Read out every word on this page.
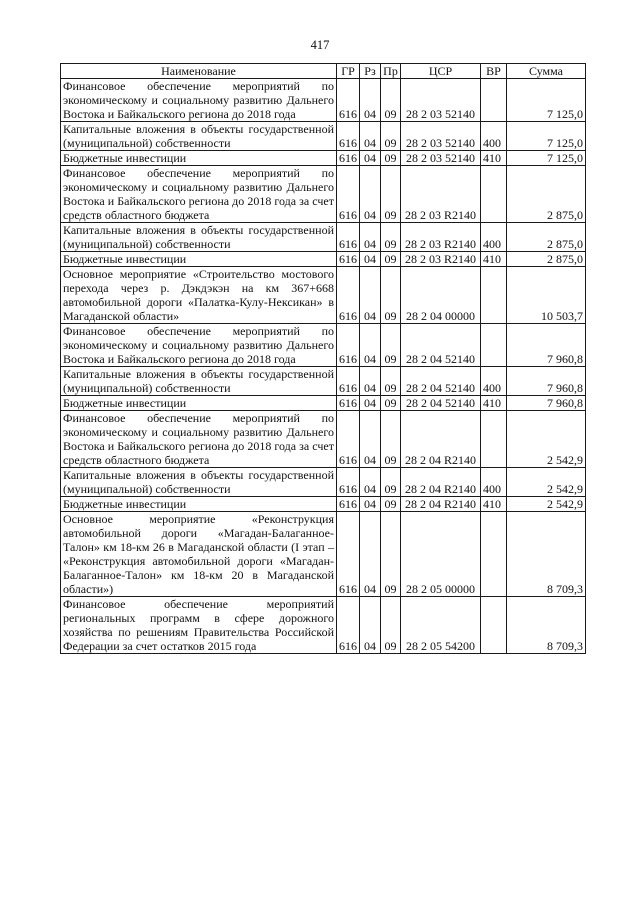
417
Наименование	ГР	Рз	Пр	ЦСР	ВР	Сумма
Финансовое обеспечение мероприятий по экономическому и социальному развитию Дальнего Востока и Байкальского региона до 2018 года	616	04	09	28 2 03 52140		7 125,0
Капитальные вложения в объекты государственной (муниципальной) собственности	616	04	09	28 2 03 52140	400	7 125,0
Бюджетные инвестиции	616	04	09	28 2 03 52140	410	7 125,0
Финансовое обеспечение мероприятий по экономическому и социальному развитию Дальнего Востока и Байкальского региона до 2018 года за счет средств областного бюджета	616	04	09	28 2 03 R2140		2 875,0
Капитальные вложения в объекты государственной (муниципальной) собственности	616	04	09	28 2 03 R2140	400	2 875,0
Бюджетные инвестиции	616	04	09	28 2 03 R2140	410	2 875,0
Основное мероприятие «Строительство мостового перехода через р. Дэкдэкэн на км 367+668 автомобильной дороги «Палатка-Кулу-Нексикан» в Магаданской области»	616	04	09	28 2 04 00000		10 503,7
Финансовое обеспечение мероприятий по экономическому и социальному развитию Дальнего Востока и Байкальского региона до 2018 года	616	04	09	28 2 04 52140		7 960,8
Капитальные вложения в объекты государственной (муниципальной) собственности	616	04	09	28 2 04 52140	400	7 960,8
Бюджетные инвестиции	616	04	09	28 2 04 52140	410	7 960,8
Финансовое обеспечение мероприятий по экономическому и социальному развитию Дальнего Востока и Байкальского региона до 2018 года за счет средств областного бюджета	616	04	09	28 2 04 R2140		2 542,9
Капитальные вложения в объекты государственной (муниципальной) собственности	616	04	09	28 2 04 R2140	400	2 542,9
Бюджетные инвестиции	616	04	09	28 2 04 R2140	410	2 542,9
Основное мероприятие «Реконструкция автомобильной дороги «Магадан-Балаганное-Талон» км 18-км 26 в Магаданской области (I этап – «Реконструкция автомобильной дороги «Магадан-Балаганное-Талон» км 18-км 20 в Магаданской области»)	616	04	09	28 2 05 00000		8 709,3
Финансовое обеспечение мероприятий региональных программ в сфере дорожного хозяйства по решениям Правительства Российской Федерации за счет остатков 2015 года	616	04	09	28 2 05 54200		8 709,3
